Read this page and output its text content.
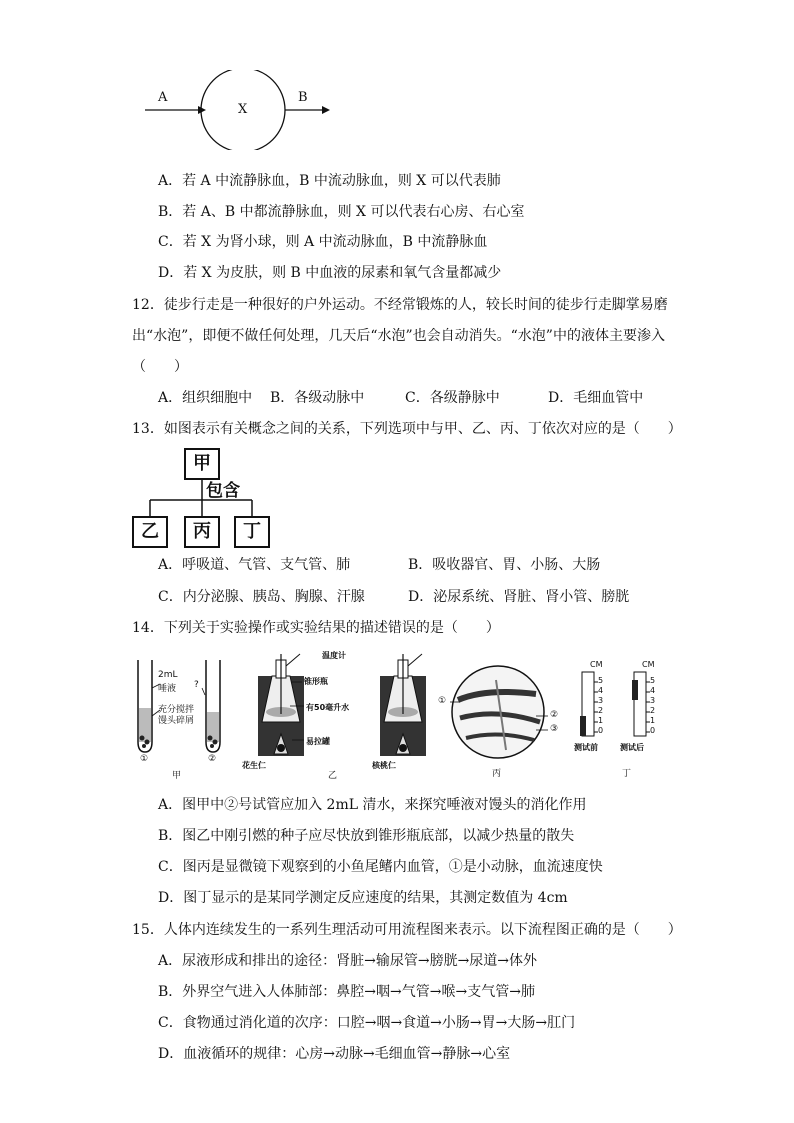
A
X
B
A．若 A 中流静脉血，B 中流动脉血，则 X 可以代表肺
B．若 A、B 中都流静脉血，则 X 可以代表右心房、右心室
C．若 X 为肾小球，则 A 中流动脉血，B 中流静脉血
D．若 X 为皮肤，则 B 中血液的尿素和氧气含量都减少
12．徒步行走是一种很好的户外运动。不经常锻炼的人，较长时间的徒步行走脚掌易磨
出“水泡”，即便不做任何处理，几天后“水泡”也会自动消失。“水泡”中的液体主要渗入
（　　）
A．组织细胞中 B．各级动脉中	C．各级静脉中	D．毛细血管中
13．如图表示有关概念之间的关系，下列选项中与甲、乙、丙、丁依次对应的是（　　）
甲
包含
乙	丙	丁
A．呼吸道、气管、支气管、肺	B．吸收器官、胃、小肠、大肠
C．内分泌腺、胰岛、胸腺、汗腺	D．泌尿系统、肾脏、肾小管、膀胱
14．下列关于实验操作或实验结果的描述错误的是（　　）
2mL
唾液 ?
充分搅拌
馒头碎屑
①	②
甲
温度计
锥形瓶
有50毫升水
易拉罐
花生仁	核桃仁
乙
①
②
③
丙
CM	CM
5
4
3
2
1
0
5
4
3
2
1
0
测试前	测试后
丁
A．图甲中②号试管应加入 2mL 清水，来探究唾液对馒头的消化作用
B．图乙中刚引燃的种子应尽快放到锥形瓶底部，以减少热量的散失
C．图丙是显微镜下观察到的小鱼尾鳍内血管，①是小动脉，血流速度快
D．图丁显示的是某同学测定反应速度的结果，其测定数值为 4cm
15．人体内连续发生的一系列生理活动可用流程图来表示。以下流程图正确的是（　　）
A．尿液形成和排出的途径：肾脏→输尿管→膀胱→尿道→体外
B．外界空气进入人体肺部：鼻腔→咽→气管→喉→支气管→肺
C．食物通过消化道的次序：口腔→咽→食道→小肠→胃→大肠→肛门
D．血液循环的规律：心房→动脉→毛细血管→静脉→心室
